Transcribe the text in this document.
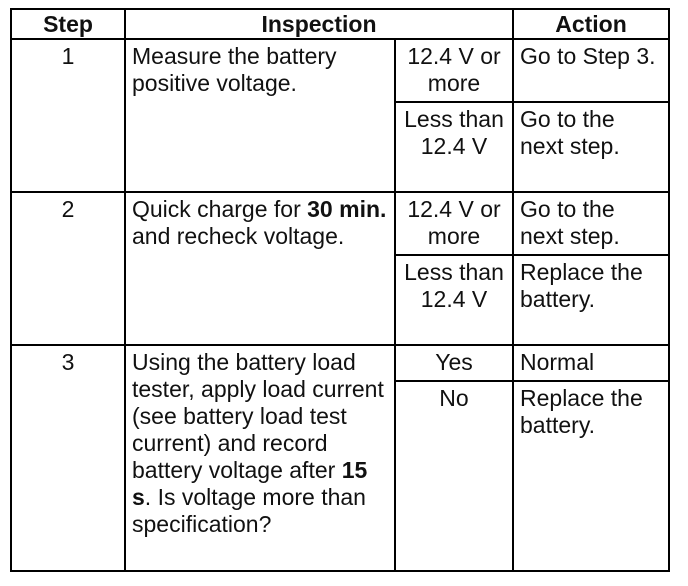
Step	Inspection		Action
1	Measure the battery positive voltage.	12.4 V or more	Go to Step 3.
		Less than 12.4 V	Go to the next step.
2	Quick charge for 30 min. and recheck voltage.	12.4 V or more	Go to the next step.
		Less than 12.4 V	Replace the battery.
3	Using the battery load tester, apply load current (see battery load test current) and record battery voltage after 15 s. Is voltage more than specification?	Yes	Normal
		No	Replace the battery.
